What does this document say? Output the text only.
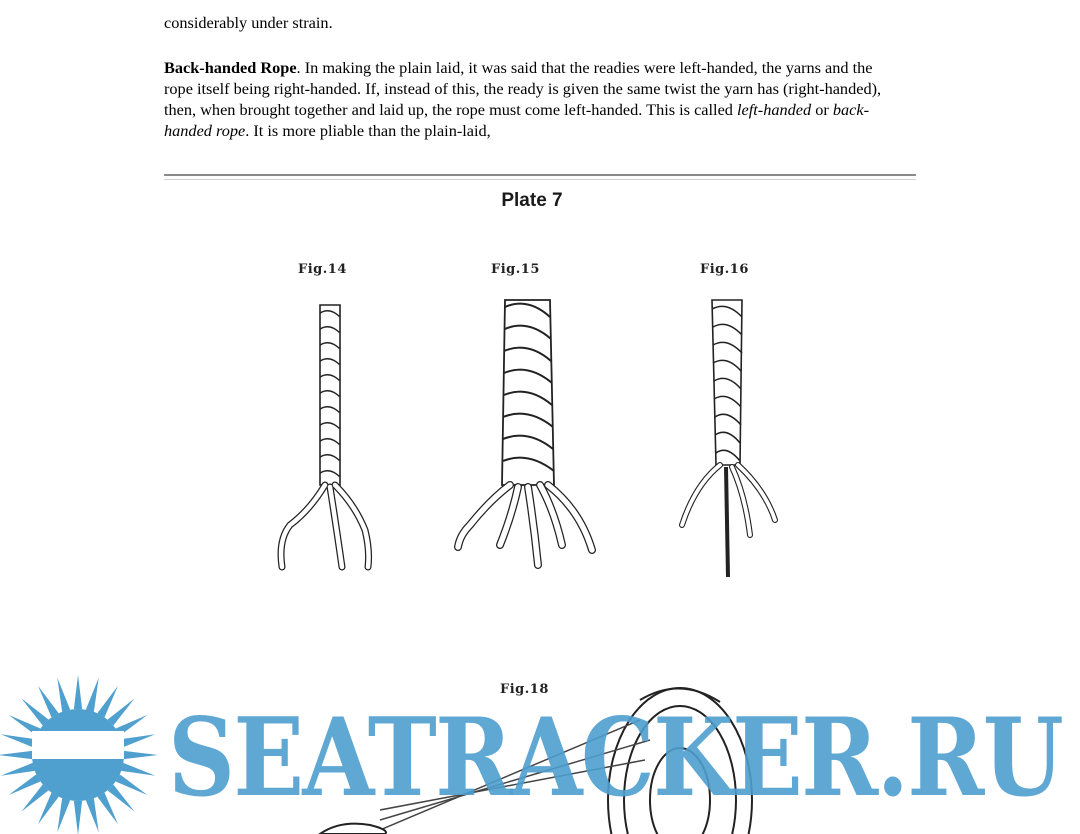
considerably under strain.

Back-handed Rope. In making the plain laid, it was said that the readies were left-handed, the yarns and the rope itself being right-handed. If, instead of this, the ready is given the same twist the yarn has (right-handed), then, when brought together and laid up, the rope must come left-handed. This is called left-handed or back-handed rope. It is more pliable than the plain-laid,

Plate 7
Fig.14	Fig.15	Fig.16
Fig.18
SEATRACKER.RU
